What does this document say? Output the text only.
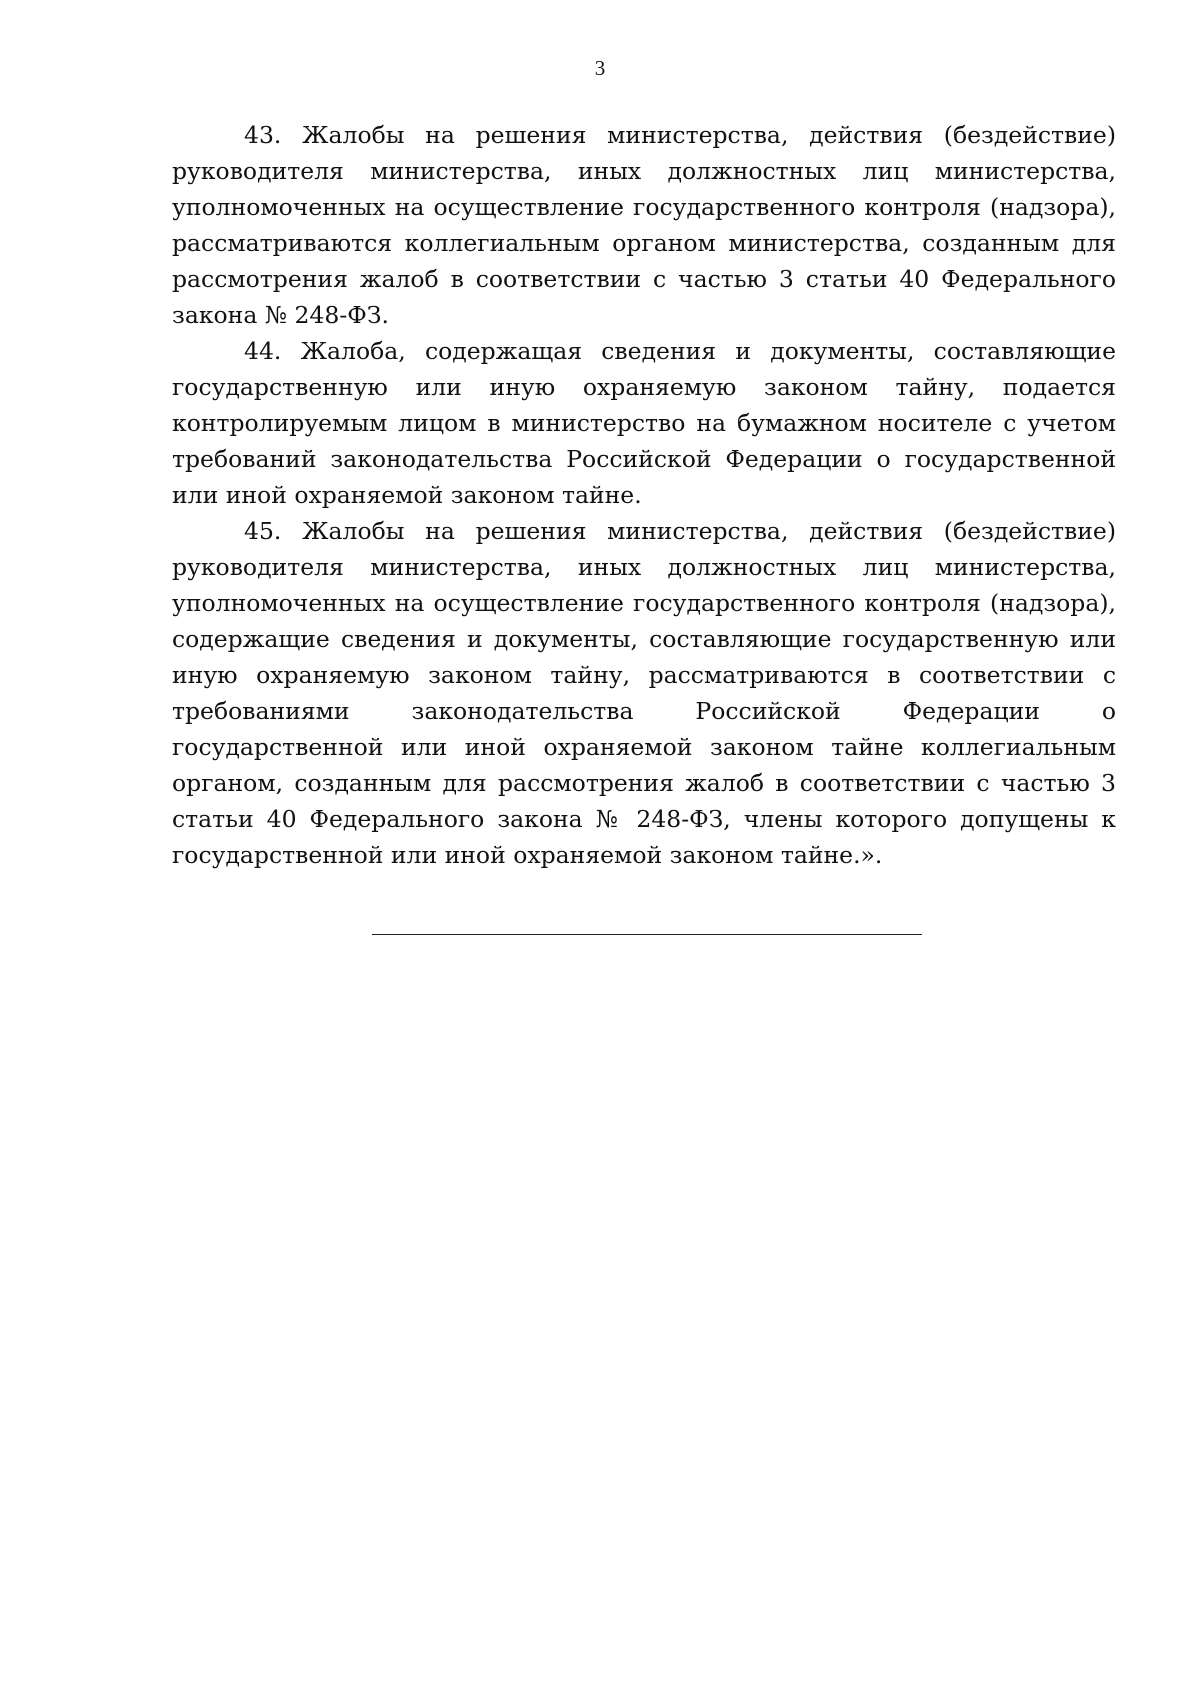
3

43. Жалобы на решения министерства, действия (бездействие) руководителя министерства, иных должностных лиц министерства, уполномоченных на осуществление государственного контроля (надзора), рассматриваются коллегиальным органом министерства, созданным для рассмотрения жалоб в соответствии с частью 3 статьи 40 Федерального закона № 248-ФЗ.

44. Жалоба, содержащая сведения и документы, составляющие государственную или иную охраняемую законом тайну, подается контролируемым лицом в министерство на бумажном носителе с учетом требований законодательства Российской Федерации о государственной или иной охраняемой законом тайне.

45. Жалобы на решения министерства, действия (бездействие) руководителя министерства, иных должностных лиц министерства, уполномоченных на осуществление государственного контроля (надзора), содержащие сведения и документы, составляющие государственную или иную охраняемую законом тайну, рассматриваются в соответствии с требованиями законодательства Российской Федерации о государственной или иной охраняемой законом тайне коллегиальным органом, созданным для рассмотрения жалоб в соответствии с частью 3 статьи 40 Федерального закона № 248-ФЗ, члены которого допущены к государственной или иной охраняемой законом тайне.».
